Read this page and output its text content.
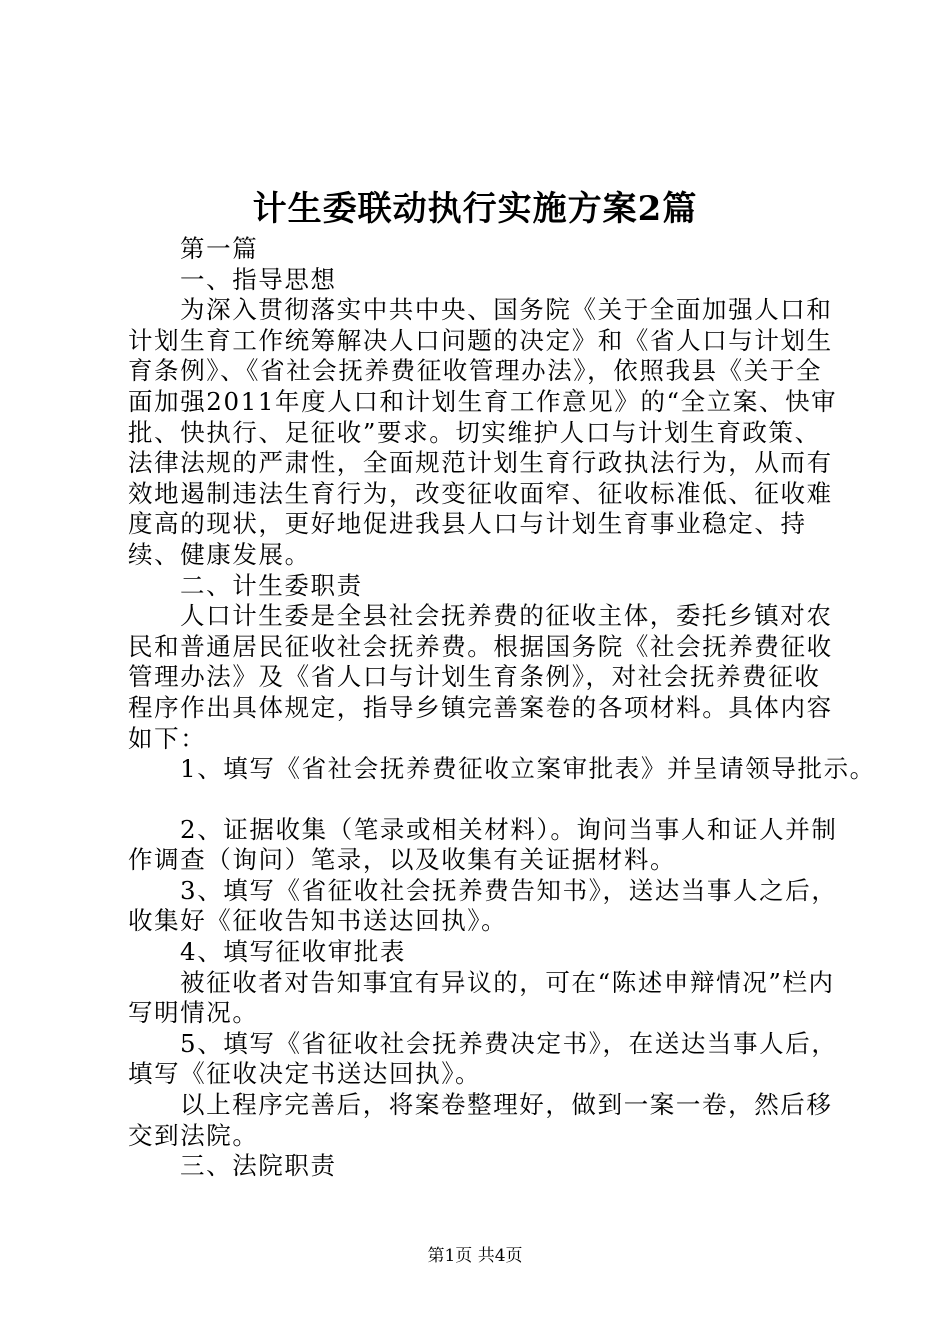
计生委联动执行实施方案2篇

第一篇

一、指导思想

为深入贯彻落实中共中央、国务院《关于全面加强人口和计划生育工作统筹解决人口问题的决定》和《省人口与计划生育条例》、《省社会抚养费征收管理办法》，依照我县《关于全面加强2011年度人口和计划生育工作意见》的“全立案、快审批、快执行、足征收”要求。切实维护人口与计划生育政策、法律法规的严肃性，全面规范计划生育行政执法行为，从而有效地遏制违法生育行为，改变征收面窄、征收标准低、征收难度高的现状，更好地促进我县人口与计划生育事业稳定、持续、健康发展。

二、计生委职责

人口计生委是全县社会抚养费的征收主体，委托乡镇对农民和普通居民征收社会抚养费。根据国务院《社会抚养费征收管理办法》及《省人口与计划生育条例》，对社会抚养费征收程序作出具体规定，指导乡镇完善案卷的各项材料。具体内容如下：

1、填写《省社会抚养费征收立案审批表》并呈请领导批示。

2、证据收集（笔录或相关材料）。询问当事人和证人并制作调查（询问）笔录，以及收集有关证据材料。

3、填写《省征收社会抚养费告知书》，送达当事人之后，收集好《征收告知书送达回执》。

4、填写征收审批表

被征收者对告知事宜有异议的，可在“陈述申辩情况”栏内写明情况。

5、填写《省征收社会抚养费决定书》，在送达当事人后，填写《征收决定书送达回执》。

以上程序完善后，将案卷整理好，做到一案一卷，然后移交到法院。

三、法院职责

第1页 共4页
